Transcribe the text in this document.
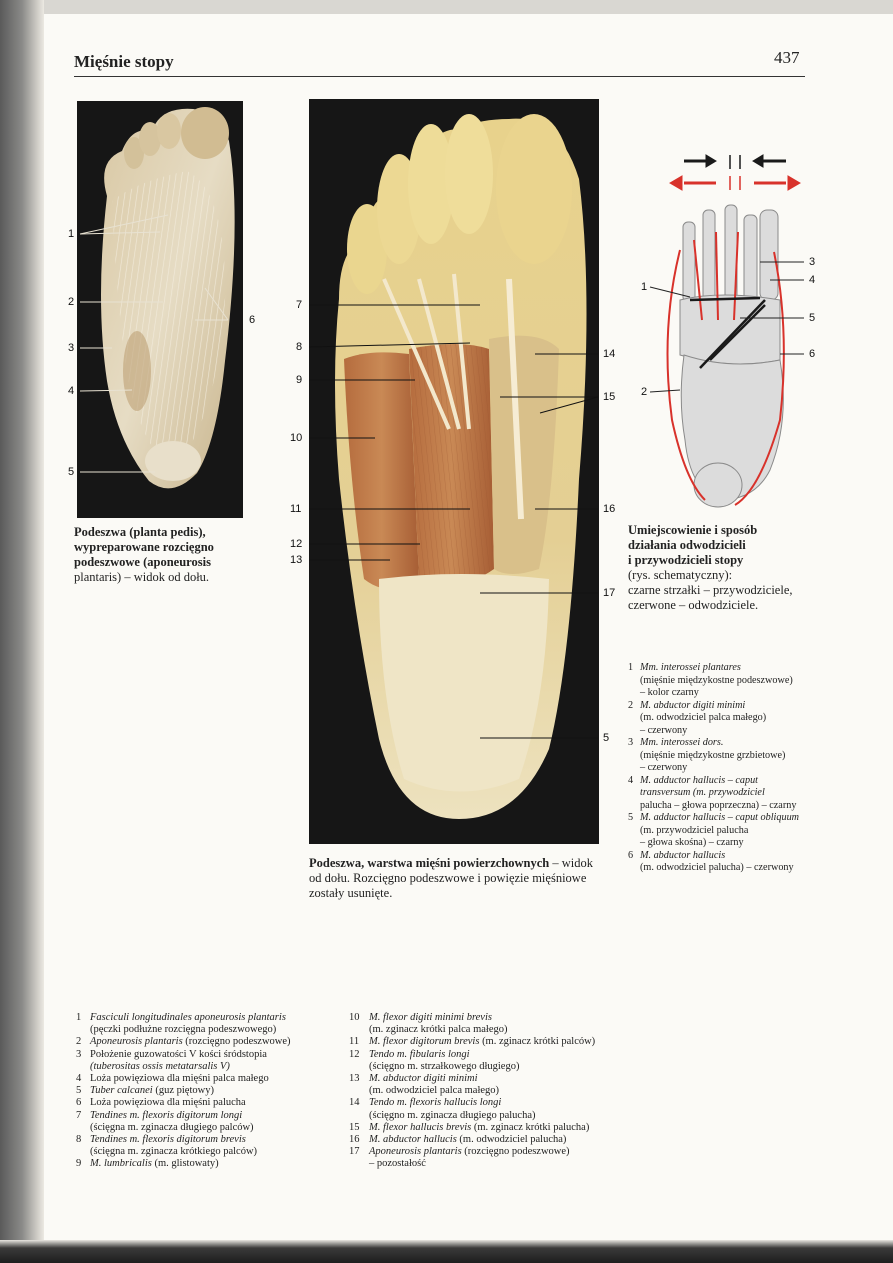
Mięśnie stopy	437
1
2
3
4
5
6
7
8
9
10
11
12
13
14
15
16
17
5
1
2
3
4
5
6
Podeszwa (planta pedis),
wypreparowane rozcięgno
podeszwowe (aponeurosis
plantaris) – widok od dołu.
Podeszwa, warstwa mięśni powierzchownych – widok
od dołu. Rozcięgno podeszwowe i powięzie mięśniowe
zostały usunięte.
Umiejscowienie i sposób
działania odwodzicieli
i przywodzicieli stopy
(rys. schematyczny):
czarne strzałki – przywodziciele,
czerwone – odwodziciele.
1 Mm. interossei plantares
(mięśnie międzykostne podeszwowe)
– kolor czarny
2 M. abductor digiti minimi
(m. odwodziciel palca małego)
– czerwony
3 Mm. interossei dors.
(mięśnie międzykostne grzbietowe)
– czerwony
4 M. adductor hallucis – caput
transversum (m. przywodziciel
palucha – głowa poprzeczna) – czarny
5 M. adductor hallucis – caput obliquum
(m. przywodziciel palucha
– głowa skośna) – czarny
6 M. abductor hallucis
(m. odwodziciel palucha) – czerwony
1 Fasciculi longitudinales aponeurosis plantaris
(pęczki podłużne rozcięgna podeszwowego)
2 Aponeurosis plantaris (rozcięgno podeszwowe)
3 Położenie guzowatości V kości śródstopia
(tuberositas ossis metatarsalis V)
4 Loża powięziowa dla mięśni palca małego
5 Tuber calcanei (guz piętowy)
6 Loża powięziowa dla mięśni palucha
7 Tendines m. flexoris digitorum longi
(ścięgna m. zginacza długiego palców)
8 Tendines m. flexoris digitorum brevis
(ścięgna m. zginacza krótkiego palców)
9 M. lumbricalis (m. glistowaty)
10 M. flexor digiti minimi brevis
(m. zginacz krótki palca małego)
11 M. flexor digitorum brevis (m. zginacz krótki palców)
12 Tendo m. fibularis longi
(ścięgno m. strzałkowego długiego)
13 M. abductor digiti minimi
(m. odwodziciel palca małego)
14 Tendo m. flexoris hallucis longi
(ścięgno m. zginacza długiego palucha)
15 M. flexor hallucis brevis (m. zginacz krótki palucha)
16 M. abductor hallucis (m. odwodziciel palucha)
17 Aponeurosis plantaris (rozcięgno podeszwowe)
– pozostałość
